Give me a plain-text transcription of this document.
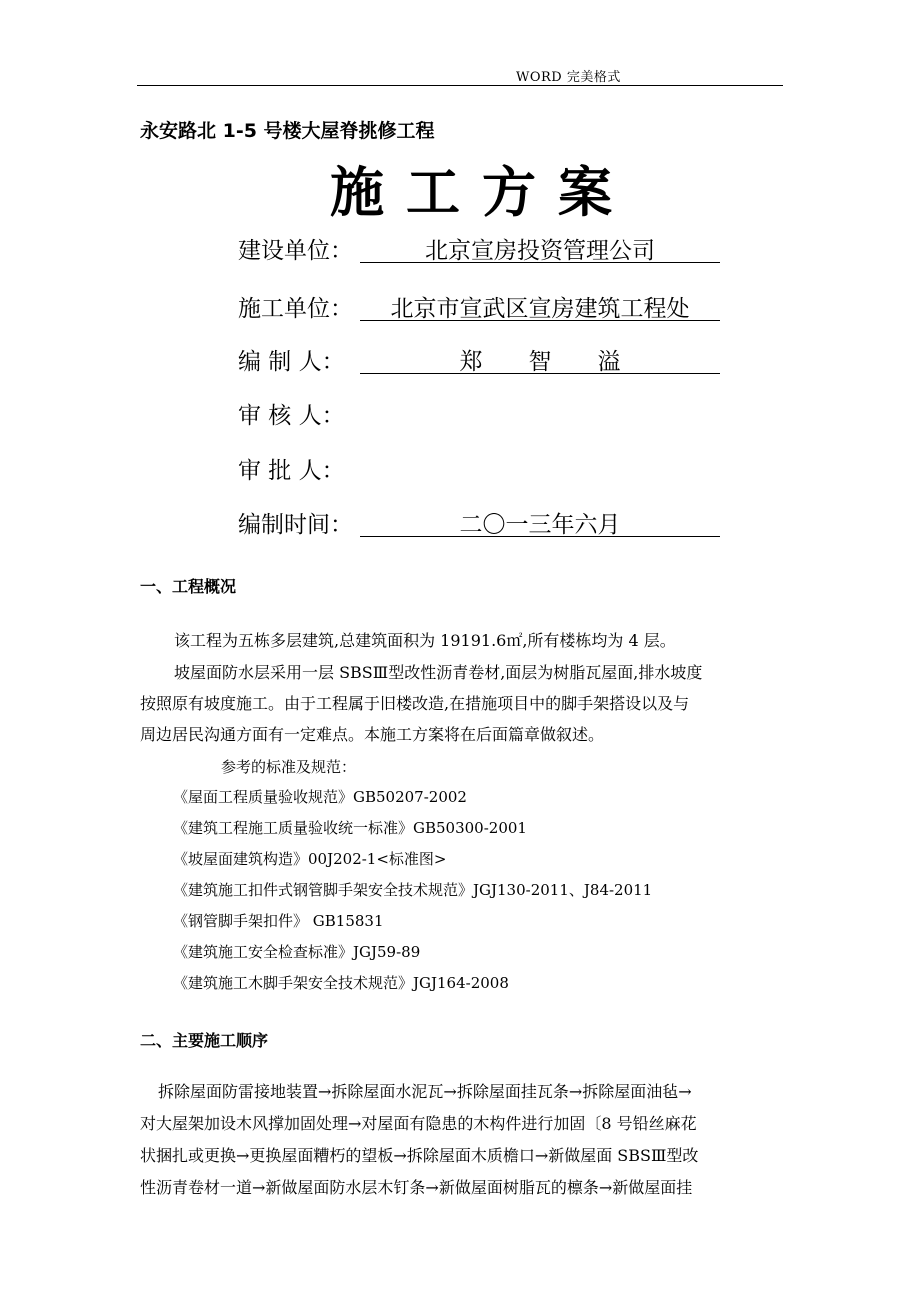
WORD 完美格式
永安路北 1-5 号楼大屋脊挑修工程
施工方案
建设单位：	北京宣房投资管理公司
施工单位：	北京市宣武区宣房建筑工程处
编 制 人：	郑　　智　　溢
审 核 人：
审 批 人：
编制时间：	二〇一三年六月
一、工程概况
该工程为五栋多层建筑,总建筑面积为 19191.6㎡,所有楼栋均为 4 层。
坡屋面防水层采用一层 SBSⅢ型改性沥青卷材,面层为树脂瓦屋面,排水坡度
按照原有坡度施工。由于工程属于旧楼改造,在措施项目中的脚手架搭设以及与
周边居民沟通方面有一定难点。本施工方案将在后面篇章做叙述。
参考的标准及规范：
《屋面工程质量验收规范》GB50207-2002
《建筑工程施工质量验收统一标准》GB50300-2001
《坡屋面建筑构造》00J202-1<标准图>
《建筑施工扣件式钢管脚手架安全技术规范》JGJ130-2011、J84-2011
《钢管脚手架扣件》 GB15831
《建筑施工安全检查标准》JGJ59-89
《建筑施工木脚手架安全技术规范》JGJ164-2008
二、主要施工顺序
拆除屋面防雷接地装置→拆除屋面水泥瓦→拆除屋面挂瓦条→拆除屋面油毡→
对大屋架加设木风撑加固处理→对屋面有隐患的木构件进行加固〔8 号铅丝麻花
状捆扎或更换→更换屋面糟朽的望板→拆除屋面木质檐口→新做屋面 SBSⅢ型改
性沥青卷材一道→新做屋面防水层木钉条→新做屋面树脂瓦的檩条→新做屋面挂
